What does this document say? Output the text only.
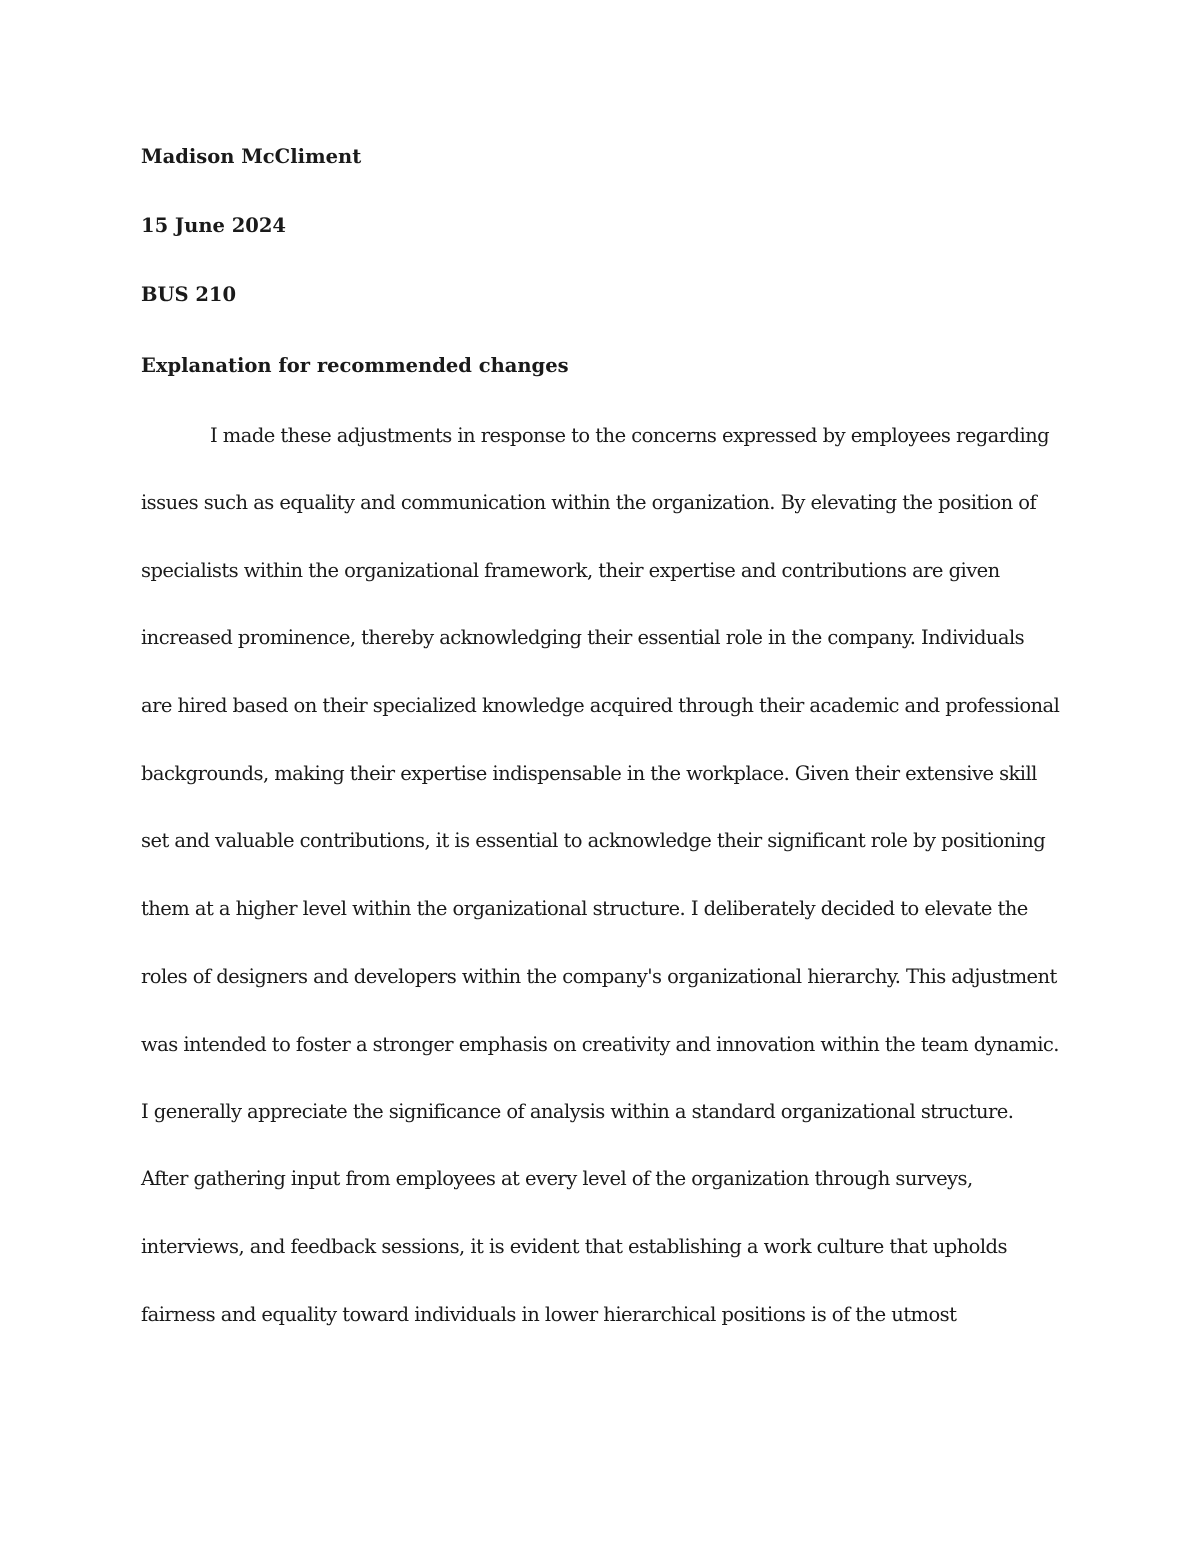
Madison McCliment
15 June 2024
BUS 210
Explanation for recommended changes
I made these adjustments in response to the concerns expressed by employees regarding
issues such as equality and communication within the organization. By elevating the position of
specialists within the organizational framework, their expertise and contributions are given
increased prominence, thereby acknowledging their essential role in the company. Individuals
are hired based on their specialized knowledge acquired through their academic and professional
backgrounds, making their expertise indispensable in the workplace. Given their extensive skill
set and valuable contributions, it is essential to acknowledge their significant role by positioning
them at a higher level within the organizational structure. I deliberately decided to elevate the
roles of designers and developers within the company's organizational hierarchy. This adjustment
was intended to foster a stronger emphasis on creativity and innovation within the team dynamic.
I generally appreciate the significance of analysis within a standard organizational structure.
After gathering input from employees at every level of the organization through surveys,
interviews, and feedback sessions, it is evident that establishing a work culture that upholds
fairness and equality toward individuals in lower hierarchical positions is of the utmost
